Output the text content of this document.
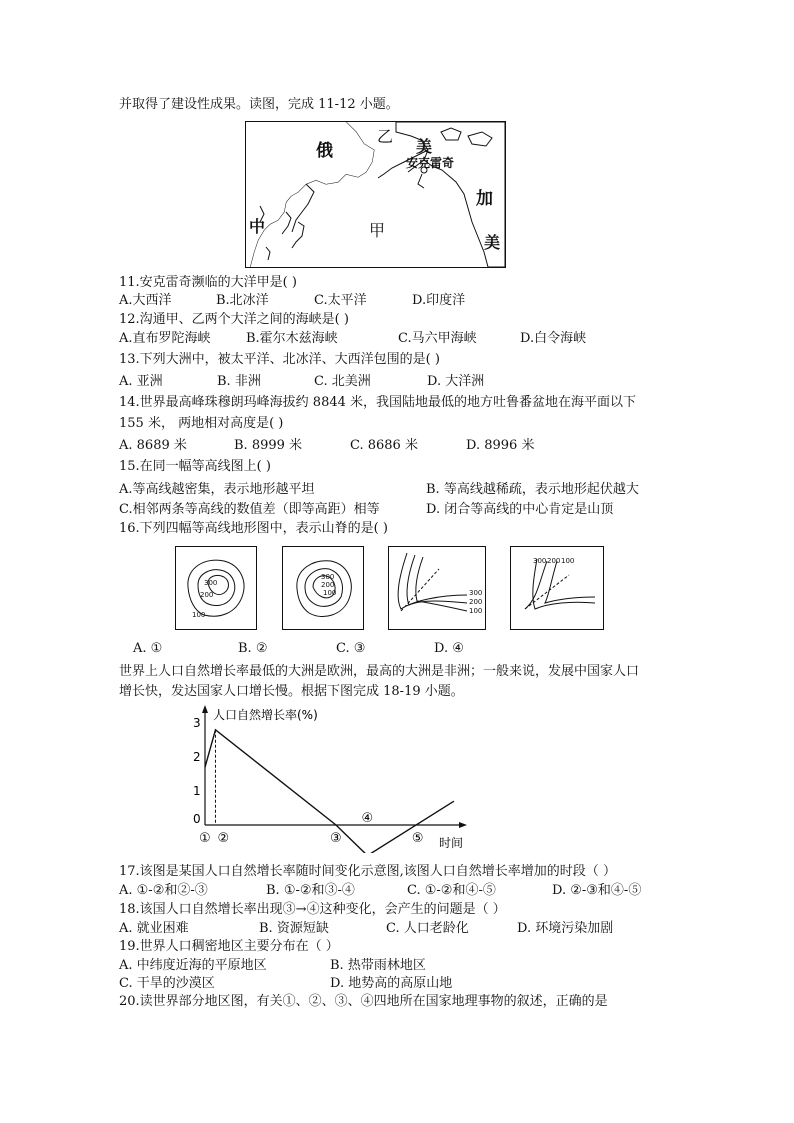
并取得了建设性成果。读图，完成 11-12 小题。
俄
乙
美
安克雷奇
中	甲
加
美
11.安克雷奇濒临的大洋甲是( )
A.大西洋	B.北冰洋	C.太平洋	D.印度洋
12.沟通甲、乙两个大洋之间的海峡是( )
A.直布罗陀海峡	B.霍尔木兹海峡	C.马六甲海峡	D.白令海峡
13.下列大洲中，被太平洋、北冰洋、大西洋包围的是( )
A. 亚洲	B. 非洲	C. 北美洲	D. 大洋洲
14.世界最高峰珠穆朗玛峰海拔约 8844 米，我国陆地最低的地方吐鲁番盆地在海平面以下
155 米， 两地相对高度是( )
A. 8689 米	B. 8999 米	C. 8686 米	D. 8996 米
15.在同一幅等高线图上( )
A.等高线越密集，表示地形越平坦	B. 等高线越稀疏，表示地形起伏越大
C.相邻两条等高线的数值差（即等高距）相等	D. 闭合等高线的中心肯定是山顶
16.下列四幅等高线地形图中，表示山脊的是( )
300
200
100
300
200
100	300
200
100
300 200 100
A. ①	B. ②	C. ③	D. ④
世界上人口自然增长率最低的大洲是欧洲，最高的大洲是非洲；一般来说，发展中国家人口
增长快，发达国家人口增长慢。根据下图完成 18-19 小题。
0
1
2
3
① ②	③
④
⑤
人口自然增长率(%)
时间
17.该图是某国人口自然增长率随时间变化示意图,该图人口自然增长率增加的时段（ ）
A. ①-②和②-③	B. ①-②和③-④	C. ①-②和④-⑤	D. ②-③和④-⑤
18.该国人口自然增长率出现③→④这种变化，会产生的问题是（ ）
A. 就业困难	B. 资源短缺	C. 人口老龄化	D. 环境污染加剧
19.世界人口稠密地区主要分布在（ ）
A. 中纬度近海的平原地区	B. 热带雨林地区
C. 干旱的沙漠区	D. 地势高的高原山地
20.读世界部分地区图，有关①、②、③、④四地所在国家地理事物的叙述，正确的是
